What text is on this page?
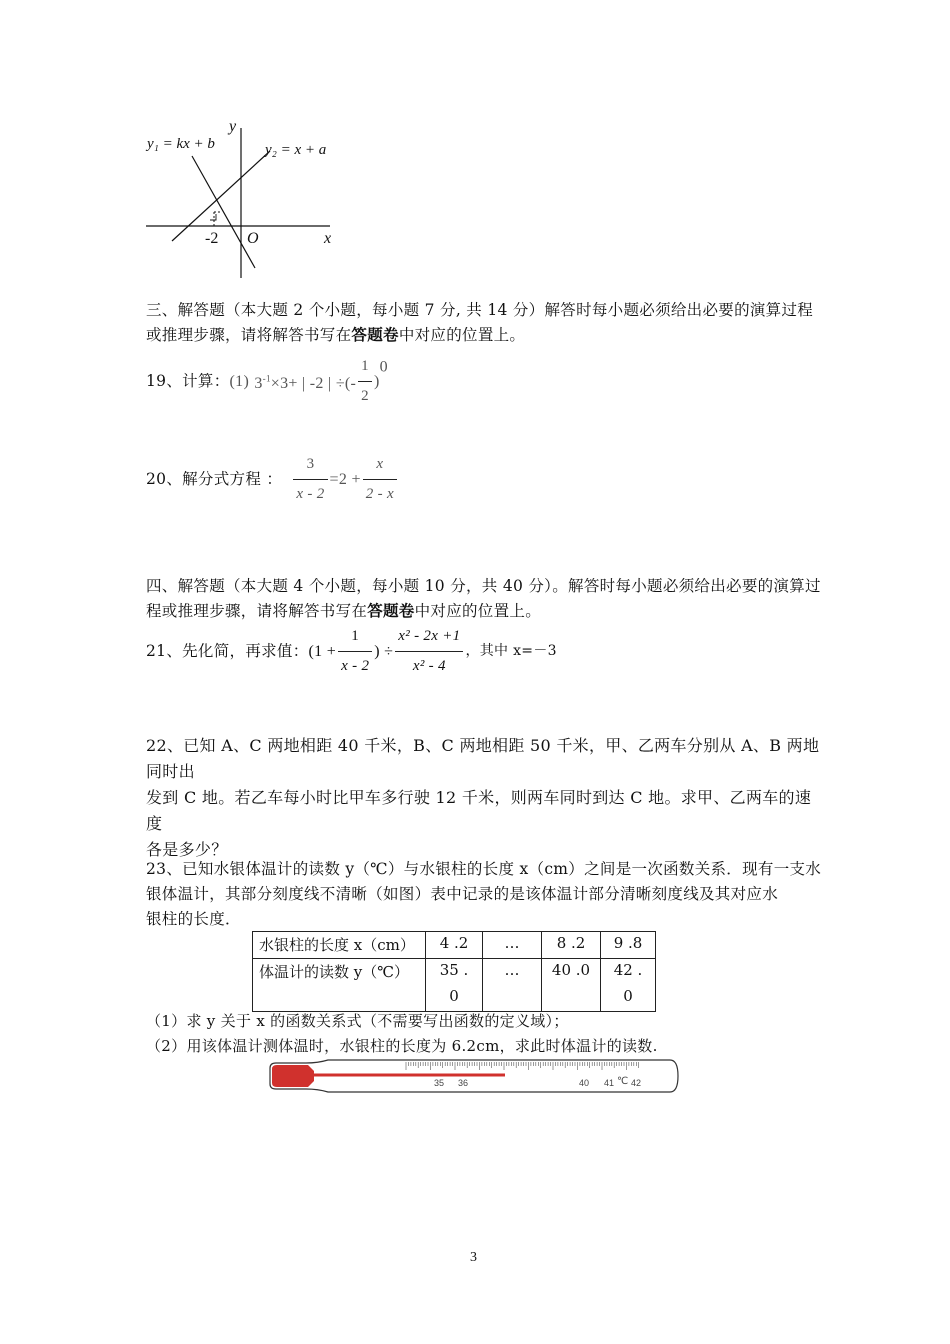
y₁ = kx + b	y₂ = x + a
y
x
O
-2
三、解答题（本大题 2 个小题，每小题 7 分, 共 14 分）解答时每小题必须给出必要的演算过程
或推理步骤，请将解答书写在答题卷中对应的位置上。
19、计算：(1) $3^{-1}\times 3+$ | -2 | ÷(- $\frac{1}{2} )^0$
20、解分式方程 ： $\frac{3}{x - 2} =2 + \frac{x}{2 - x}$
四、解答题（本大题 4 个小题，每小题 10 分，共 40 分）。解答时每小题必须给出必要的演算过
程或推理步骤，请将解答书写在答题卷中对应的位置上。
21、先化简，再求值：($1 + \frac{1}{x - 2}$ ) ÷ $\frac{\text{x² - 2x +1}}{\text{x² - 4}}$ ，其中 x=－3
22、已知 A、C 两地相距 40 千米，B、C 两地相距 50 千米，甲、乙两车分别从 A、B 两地同时出
发到 C 地。若乙车每小时比甲车多行驶 12 千米，则两车同时到达 C 地。求甲、乙两车的速度
各是多少？
23、已知水银体温计的读数 y（℃）与水银柱的长度 x（cm）之间是一次函数关系．现有一支水
银体温计，其部分刻度线不清晰（如图）表中记录的是该体温计部分清晰刻度线及其对应水
银柱的长度．
水银柱的长度 x（cm）	4 .2	…	8 .2	9 .8
体温计的读数 y（℃）	35 .	…	40 .0	42 .
	0			0
（1）求 y 关于 x 的函数关系式（不需要写出函数的定义域）；
（2）用该体温计测体温时，水银柱的长度为 6.2cm，求此时体温计的读数.
35 36	40 41 ℃ 42
3
